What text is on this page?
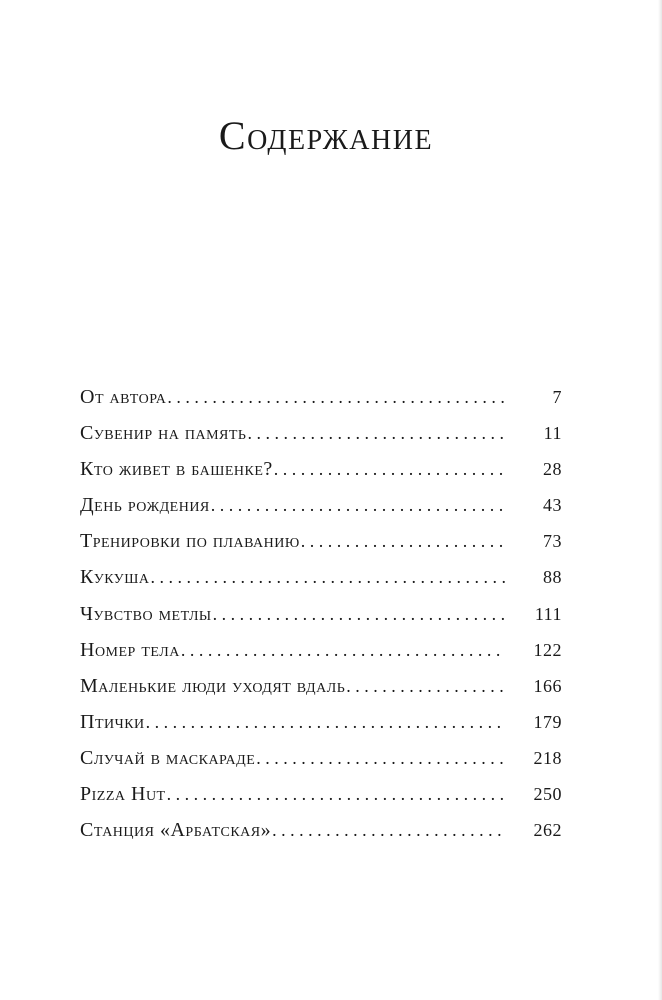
Содержание
От автора . . .	7
Сувенир на память . . .	11
Кто живет в башенке? . . .	28
День рождения . . .	43
Тренировки по плаванию . . .	73
Кукуша . . .	88
Чувство метлы . . .	111
Номер тела . . .	122
Маленькие люди уходят вдаль . . .	166
Птички . . .	179
Случай в маскараде . . .	218
Pizza Hut . . .	250
Станция «Арбатская» . . .	262
